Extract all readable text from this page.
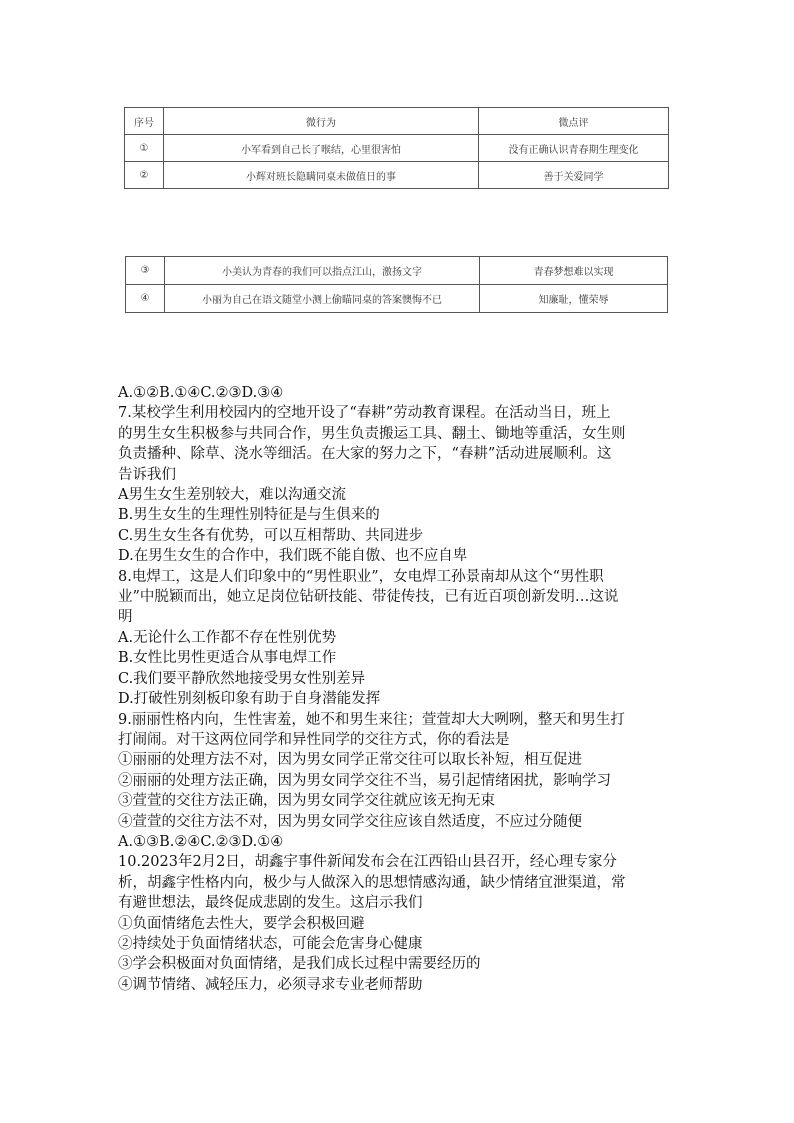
序号	微行为	微点评
①	小军看到自己长了喉结，心里很害怕	没有正确认识青春期生理变化
②	小辉对班长隐瞒同桌未做值日的事	善于关爱同学
③	小美认为青春的我们可以指点江山，激扬文字	青春梦想难以实现
④	小丽为自己在语文随堂小测上偷瞄同桌的答案懊悔不已	知廉耻，懂荣辱

A.①②B.①④C.②③D.③④

7.某校学生利用校园内的空地开设了“春耕”劳动教育课程。在活动当日，班上

的男生女生积极参与共同合作，男生负责搬运工具、翻土、锄地等重活，女生则

负责播种、除草、浇水等细活。在大家的努力之下，“春耕”活动进展顺利。这

告诉我们

A男生女生差别较大，难以沟通交流

B.男生女生的生理性别特征是与生俱来的

C.男生女生各有优势，可以互相帮助、共同进步

D.在男生女生的合作中，我们既不能自傲、也不应自卑

8.电焊工，这是人们印象中的“男性职业”，女电焊工孙景南却从这个“男性职

业”中脱颖而出，她立足岗位钻研技能、带徒传技，已有近百项创新发明…这说

明

A.无论什么工作都不存在性别优势

B.女性比男性更适合从事电焊工作

C.我们要平静欣然地接受男女性别差异

D.打破性别刻板印象有助于自身潜能发挥

9.丽丽性格内向，生性害羞，她不和男生来往；萱萱却大大咧咧，整天和男生打

打闹闹。对干这两位同学和异性同学的交往方式，你的看法是

①丽丽的处理方法不对，因为男女同学正常交往可以取长补短，相互促进

②丽丽的处理方法正确，因为男女同学交往不当，易引起情绪困扰，影响学习

③萱萱的交往方法正确，因为男女同学交往就应该无拘无束

④萱萱的交往方法不对，因为男女同学交往应该自然适度，不应过分随便

A.①③B.②④C.②③D.①④

10.2023年2月2日，胡鑫宇事件新闻发布会在江西铅山县召开，经心理专家分

析，胡鑫宇性格内向，极少与人做深入的思想情感沟通，缺少情绪宜泄渠道，常

有避世想法，最终促成悲剧的发生。这启示我们

①负面情绪危去性大，要学会积极回避

②持续处于负面情绪状态，可能会危害身心健康

③学会积极面对负面情绪，是我们成长过程中需要经历的

④调节情绪、减轻压力，必须寻求专业老师帮助
